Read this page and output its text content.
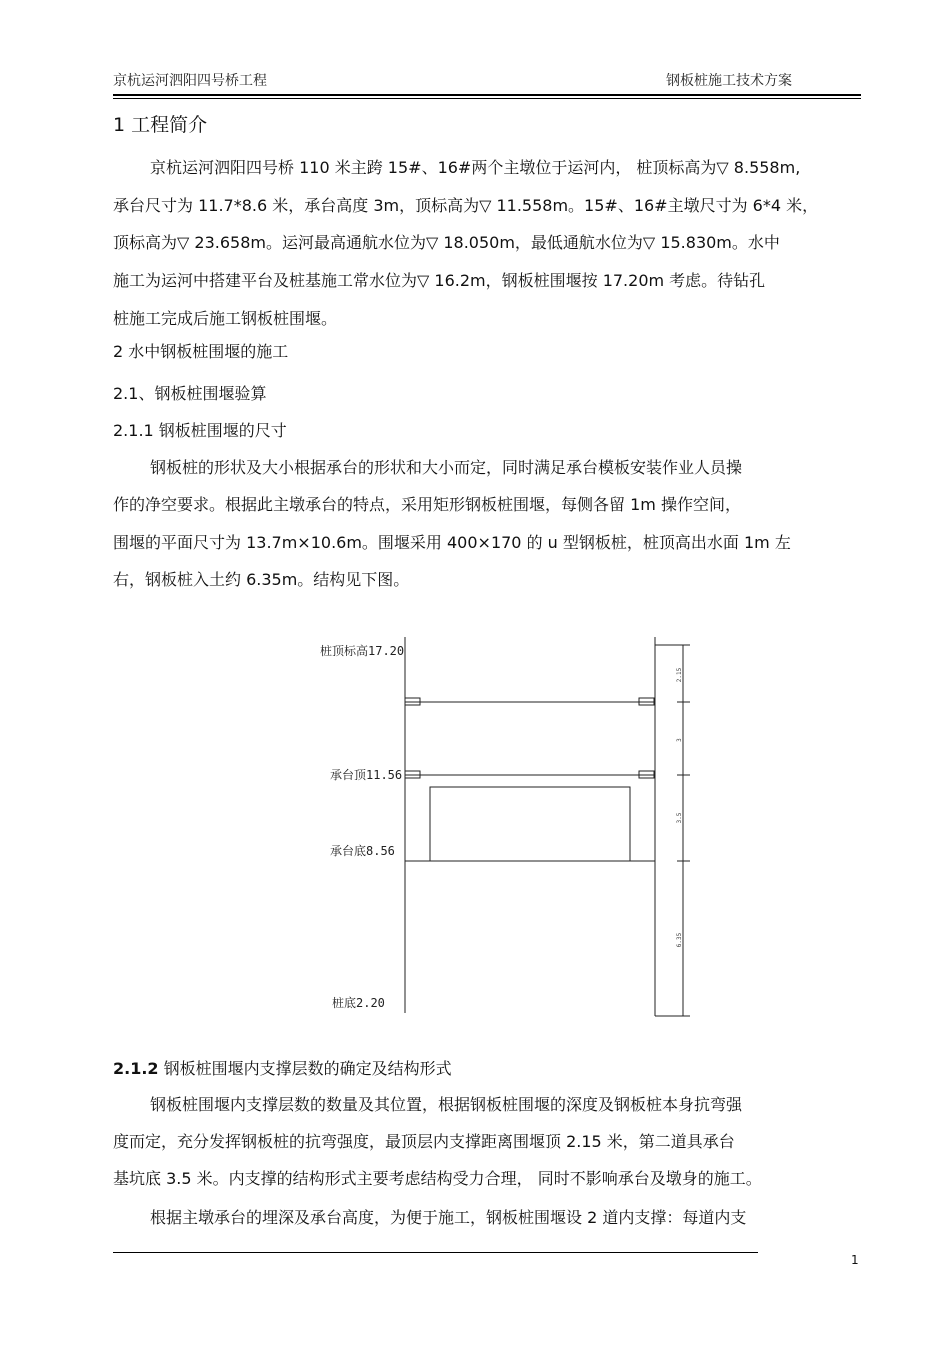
京杭运河泗阳四号桥工程	钢板桩施工技术方案
1 工程简介
京杭运河泗阳四号桥 110 米主跨 15#、16#两个主墩位于运河内， 桩顶标高为▽ 8.558m,
承台尺寸为 11.7*8.6 米，承台高度 3m，顶标高为▽ 11.558m。15#、16#主墩尺寸为 6*4 米，
顶标高为▽ 23.658m。运河最高通航水位为▽ 18.050m，最低通航水位为▽ 15.830m。水中
施工为运河中搭建平台及桩基施工常水位为▽ 16.2m，钢板桩围堰按 17.20m 考虑。待钻孔
桩施工完成后施工钢板桩围堰。
2 水中钢板桩围堰的施工
2.1、钢板桩围堰验算
2.1.1 钢板桩围堰的尺寸
钢板桩的形状及大小根据承台的形状和大小而定，同时满足承台模板安装作业人员操
作的净空要求。根据此主墩承台的特点，采用矩形钢板桩围堰，每侧各留 1m 操作空间，
围堰的平面尺寸为 13.7m×10.6m。围堰采用 400×170 的 u 型钢板桩，桩顶高出水面 1m 左
右，钢板桩入土约 6.35m。结构见下图。
桩顶标高17.20
承台顶11.56
承台底8.56
桩底2.20
2.15
3
3.5
6.35
2.1.2 钢板桩围堰内支撑层数的确定及结构形式
钢板桩围堰内支撑层数的数量及其位置，根据钢板桩围堰的深度及钢板桩本身抗弯强
度而定，充分发挥钢板桩的抗弯强度，最顶层内支撑距离围堰顶 2.15 米，第二道具承台
基坑底 3.5 米。内支撑的结构形式主要考虑结构受力合理， 同时不影响承台及墩身的施工。
根据主墩承台的埋深及承台高度，为便于施工，钢板桩围堰设 2 道内支撑：每道内支
1
